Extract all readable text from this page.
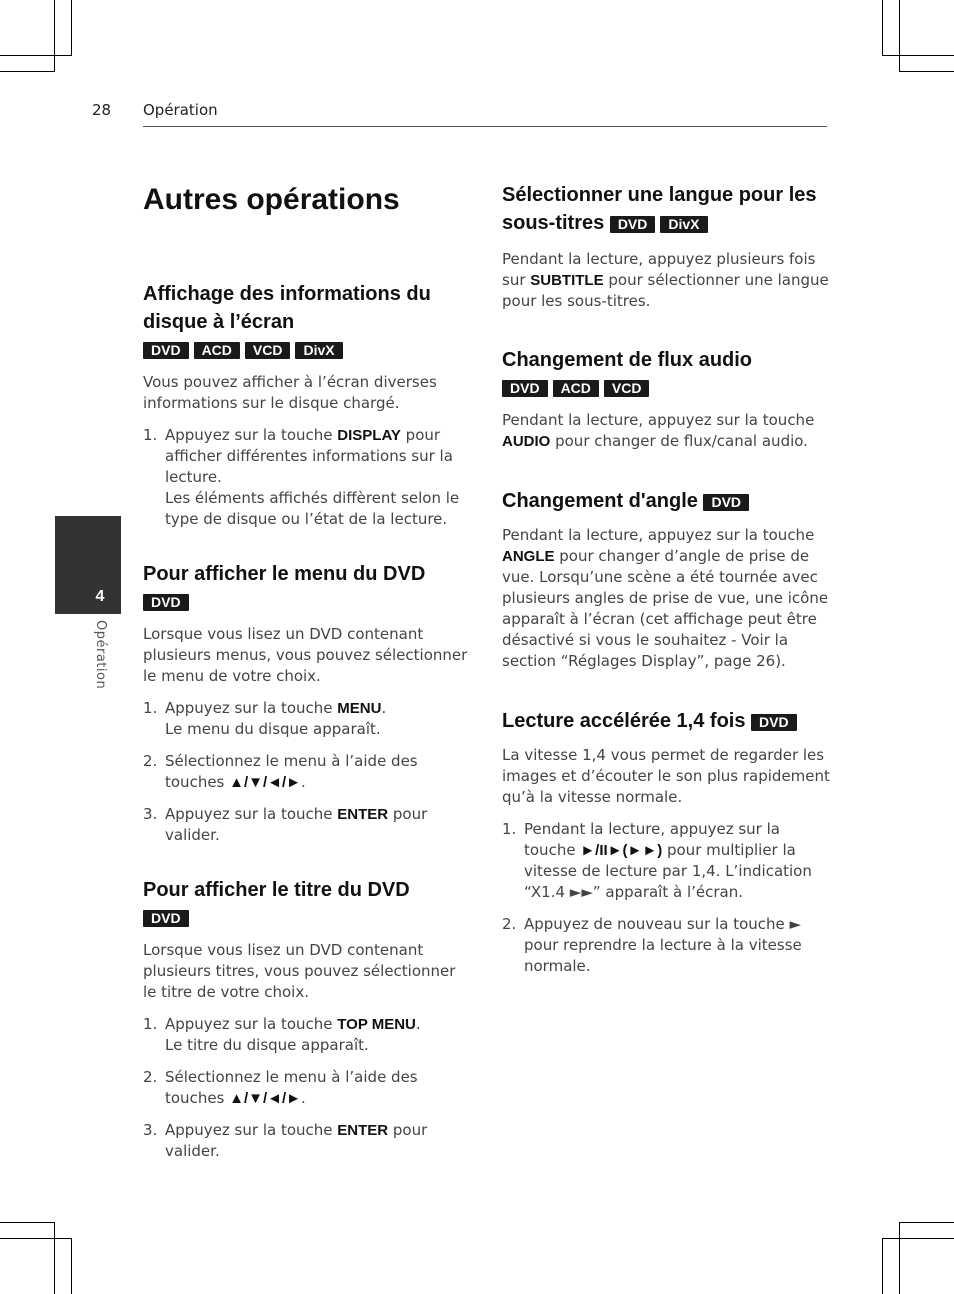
28 Opération
4
Opération
Autres opérations
Affichage des informations du disque à l’écran
DVD ACD VCD DivX

Vous pouvez afficher à l’écran diverses informations sur le disque chargé.

1. Appuyez sur la touche DISPLAY pour afficher différentes informations sur la lecture.
Les éléments affichés diffèrent selon le type de disque ou l’état de la lecture.
Pour afficher le menu du DVD
DVD

Lorsque vous lisez un DVD contenant plusieurs menus, vous pouvez sélectionner le menu de votre choix.

1. Appuyez sur la touche MENU.
Le menu du disque apparaît.
2. Sélectionnez le menu à l’aide des touches ▲/▼/◄/►.
3. Appuyez sur la touche ENTER pour valider.
Pour afficher le titre du DVD
DVD

Lorsque vous lisez un DVD contenant plusieurs titres, vous pouvez sélectionner le titre de votre choix.

1. Appuyez sur la touche TOP MENU.
Le titre du disque apparaît.
2. Sélectionnez le menu à l’aide des touches ▲/▼/◄/►.
3. Appuyez sur la touche ENTER pour valider.
Sélectionner une langue pour les sous-titres DVD DivX

Pendant la lecture, appuyez plusieurs fois sur SUBTITLE pour sélectionner une langue pour les sous-titres.

Changement de flux audio
DVD ACD VCD

Pendant la lecture, appuyez sur la touche AUDIO pour changer de flux/canal audio.

Changement d'angle DVD

Pendant la lecture, appuyez sur la touche ANGLE pour changer d’angle de prise de vue. Lorsqu’une scène a été tournée avec plusieurs angles de prise de vue, une icône apparaît à l’écran (cet affichage peut être désactivé si vous le souhaitez - Voir la section “Réglages Display”, page 26).

Lecture accélérée 1,4 fois DVD

La vitesse 1,4 vous permet de regarder les images et d’écouter le son plus rapidement qu’à la vitesse normale.

1. Pendant la lecture, appuyez sur la touche ►/II►(►►) pour multiplier la vitesse de lecture par 1,4. L’indication “X1.4 ►►” apparaît à l’écran.
2. Appuyez de nouveau sur la touche ► pour reprendre la lecture à la vitesse normale.
